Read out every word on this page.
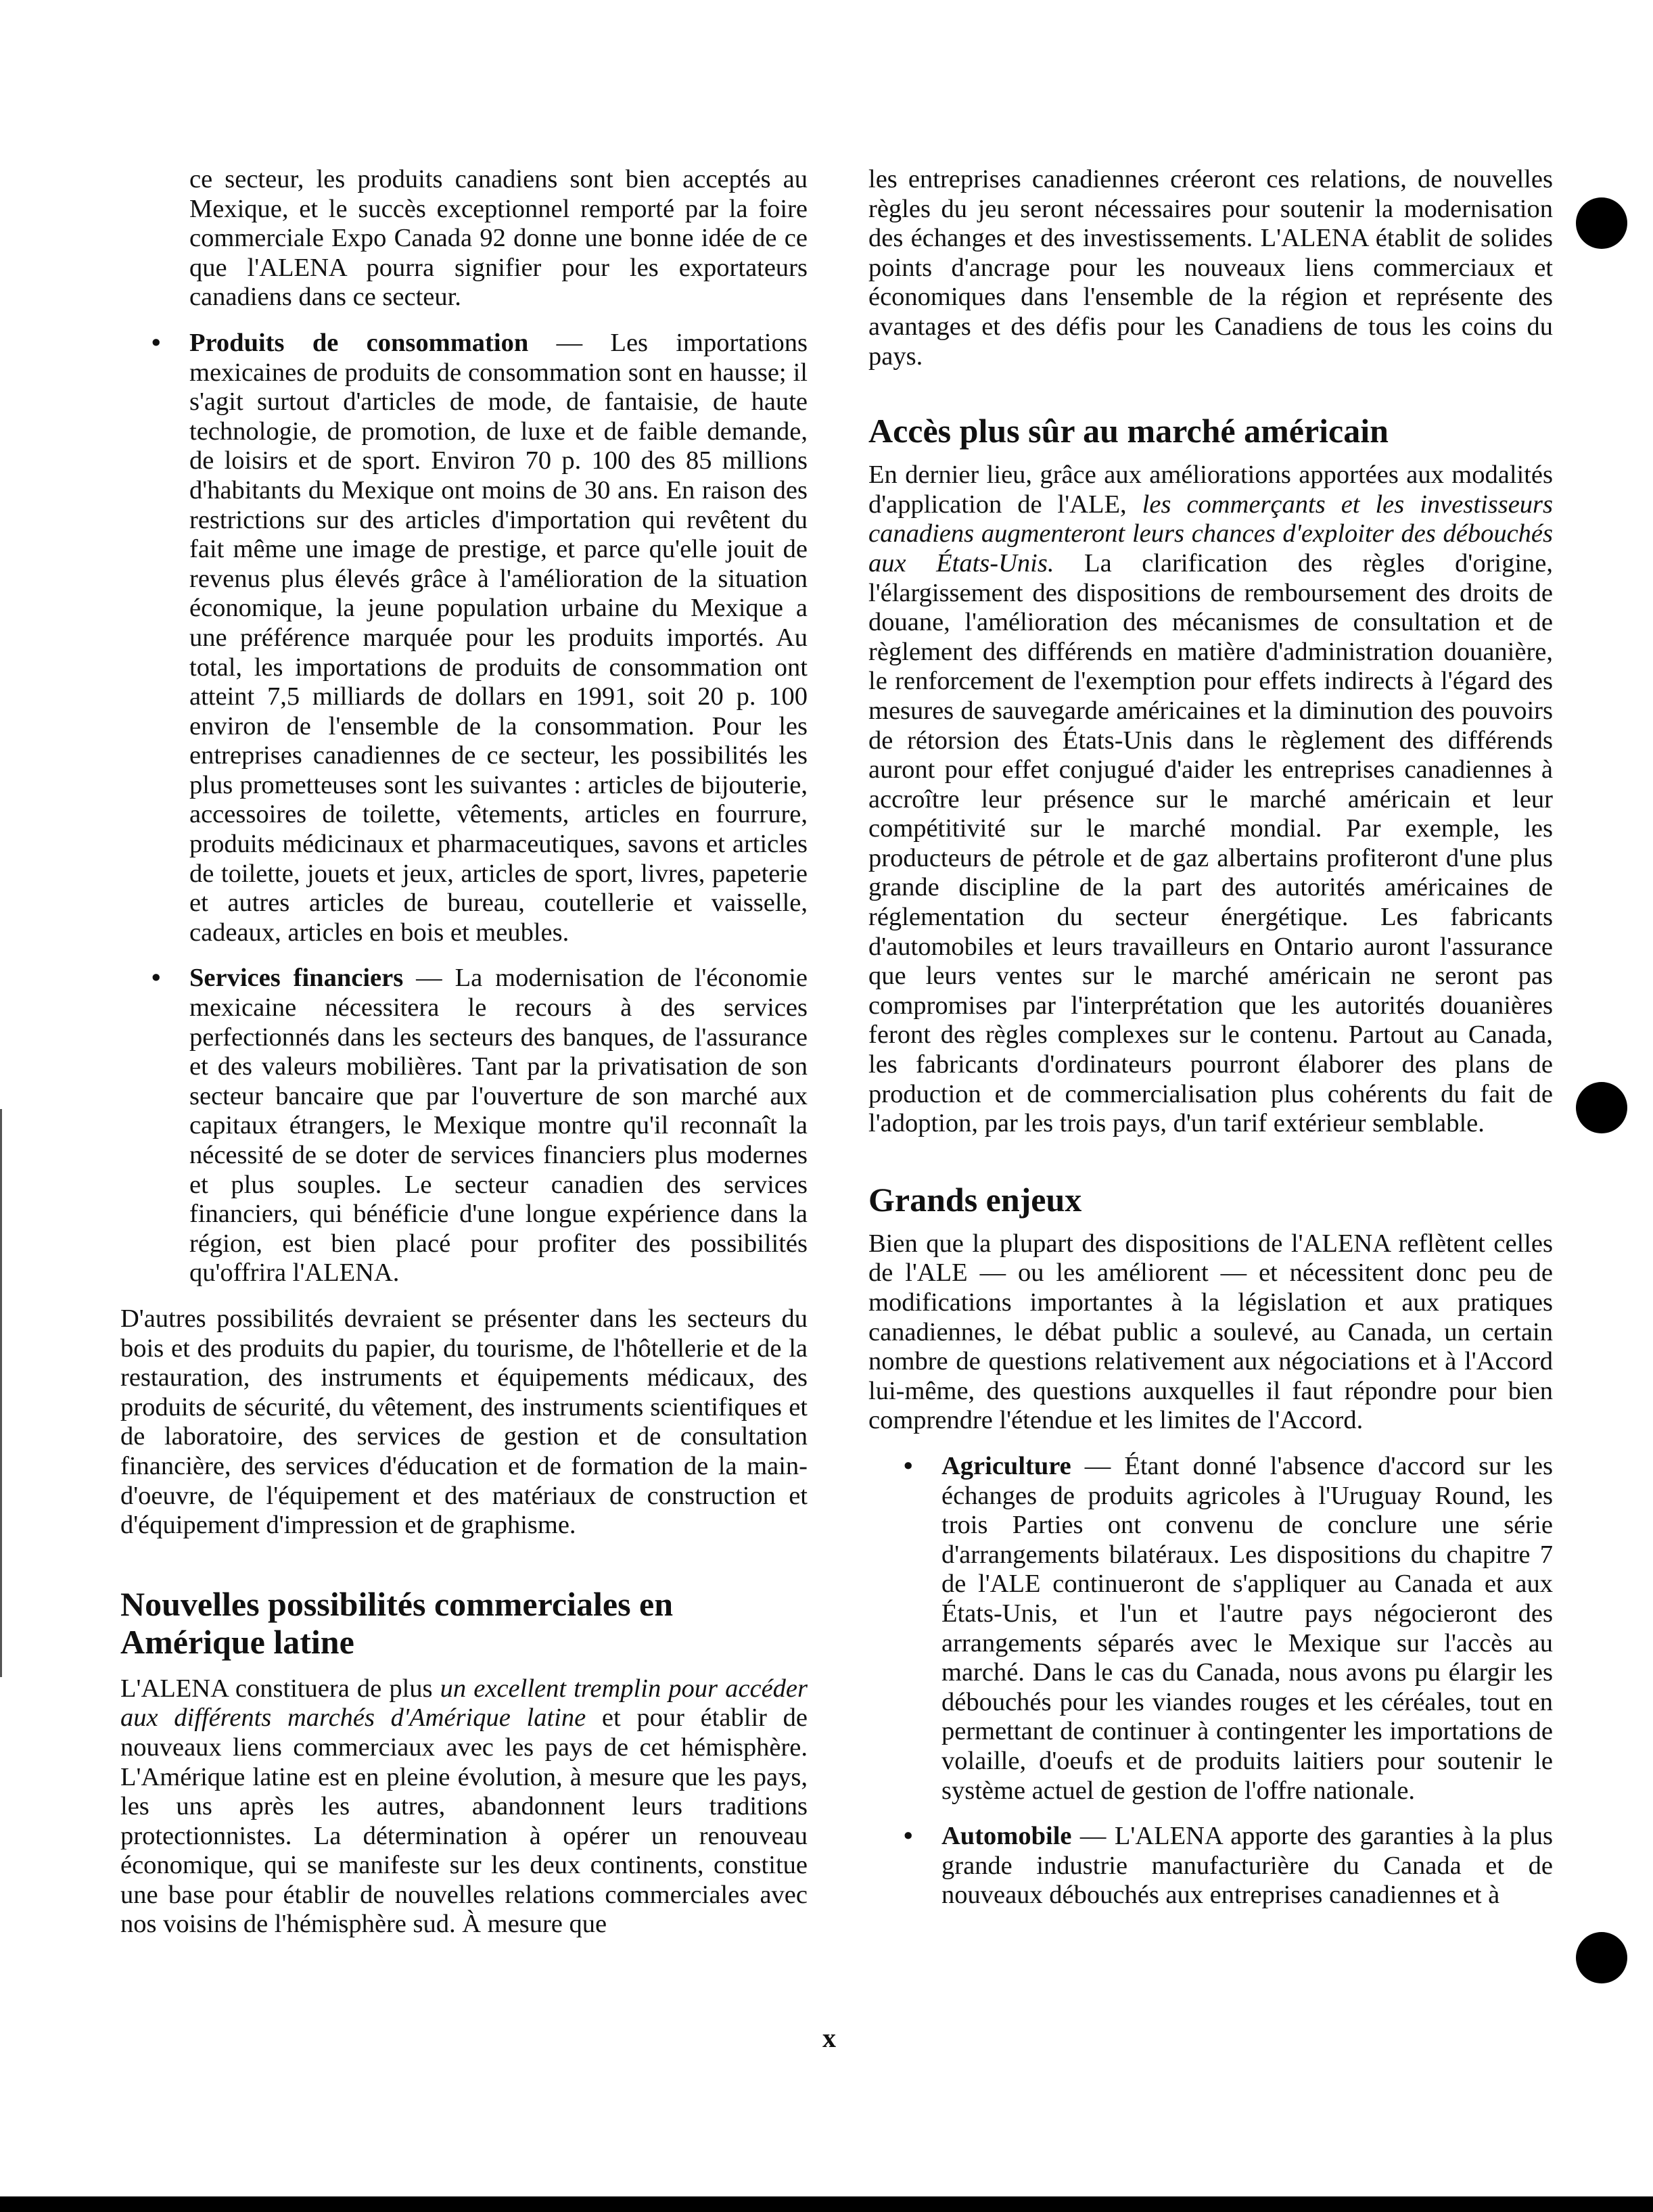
ce secteur, les produits canadiens sont bien acceptés au Mexique, et le succès exceptionnel remporté par la foire commerciale Expo Canada 92 donne une bonne idée de ce que l'ALENA pourra signifier pour les exportateurs canadiens dans ce secteur.

• Produits de consommation — Les importations mexicaines de produits de consommation sont en hausse; il s'agit surtout d'articles de mode, de fantaisie, de haute technologie, de promotion, de luxe et de faible demande, de loisirs et de sport. Environ 70 p. 100 des 85 millions d'habitants du Mexique ont moins de 30 ans. En raison des restrictions sur des articles d'importation qui revêtent du fait même une image de prestige, et parce qu'elle jouit de revenus plus élevés grâce à l'amélioration de la situation économique, la jeune population urbaine du Mexique a une préférence marquée pour les produits importés. Au total, les importations de produits de consommation ont atteint 7,5 milliards de dollars en 1991, soit 20 p. 100 environ de l'ensemble de la consommation. Pour les entreprises canadiennes de ce secteur, les possibilités les plus prometteuses sont les suivantes : articles de bijouterie, accessoires de toilette, vêtements, articles en fourrure, produits médicinaux et pharmaceutiques, savons et articles de toilette, jouets et jeux, articles de sport, livres, papeterie et autres articles de bureau, coutellerie et vaisselle, cadeaux, articles en bois et meubles.
• Services financiers — La modernisation de l'économie mexicaine nécessitera le recours à des services perfectionnés dans les secteurs des banques, de l'assurance et des valeurs mobilières. Tant par la privatisation de son secteur bancaire que par l'ouverture de son marché aux capitaux étrangers, le Mexique montre qu'il reconnaît la nécessité de se doter de services financiers plus modernes et plus souples. Le secteur canadien des services financiers, qui bénéficie d'une longue expérience dans la région, est bien placé pour profiter des possibilités qu'offrira l'ALENA.

D'autres possibilités devraient se présenter dans les secteurs du bois et des produits du papier, du tourisme, de l'hôtellerie et de la restauration, des instruments et équipements médicaux, des produits de sécurité, du vêtement, des instruments scientifiques et de laboratoire, des services de gestion et de consultation financière, des services d'éducation et de formation de la main-d'oeuvre, de l'équipement et des matériaux de construction et d'équipement d'impression et de graphisme.

Nouvelles possibilités commerciales en Amérique latine

L'ALENA constituera de plus un excellent tremplin pour accéder aux différents marchés d'Amérique latine et pour établir de nouveaux liens commerciaux avec les pays de cet hémisphère. L'Amérique latine est en pleine évolution, à mesure que les pays, les uns après les autres, abandonnent leurs traditions protectionnistes. La détermination à opérer un renouveau économique, qui se manifeste sur les deux continents, constitue une base pour établir de nouvelles relations commerciales avec nos voisins de l'hémisphère sud. À mesure que

les entreprises canadiennes créeront ces relations, de nouvelles règles du jeu seront nécessaires pour soutenir la modernisation des échanges et des investissements. L'ALENA établit de solides points d'ancrage pour les nouveaux liens commerciaux et économiques dans l'ensemble de la région et représente des avantages et des défis pour les Canadiens de tous les coins du pays.

Accès plus sûr au marché américain

En dernier lieu, grâce aux améliorations apportées aux modalités d'application de l'ALE, les commerçants et les investisseurs canadiens augmenteront leurs chances d'exploiter des débouchés aux États-Unis. La clarification des règles d'origine, l'élargissement des dispositions de remboursement des droits de douane, l'amélioration des mécanismes de consultation et de règlement des différends en matière d'administration douanière, le renforcement de l'exemption pour effets indirects à l'égard des mesures de sauvegarde américaines et la diminution des pouvoirs de rétorsion des États-Unis dans le règlement des différends auront pour effet conjugué d'aider les entreprises canadiennes à accroître leur présence sur le marché américain et leur compétitivité sur le marché mondial. Par exemple, les producteurs de pétrole et de gaz albertains profiteront d'une plus grande discipline de la part des autorités américaines de réglementation du secteur énergétique. Les fabricants d'automobiles et leurs travailleurs en Ontario auront l'assurance que leurs ventes sur le marché américain ne seront pas compromises par l'interprétation que les autorités douanières feront des règles complexes sur le contenu. Partout au Canada, les fabricants d'ordinateurs pourront élaborer des plans de production et de commercialisation plus cohérents du fait de l'adoption, par les trois pays, d'un tarif extérieur semblable.

Grands enjeux

Bien que la plupart des dispositions de l'ALENA reflètent celles de l'ALE — ou les améliorent — et nécessitent donc peu de modifications importantes à la législation et aux pratiques canadiennes, le débat public a soulevé, au Canada, un certain nombre de questions relativement aux négociations et à l'Accord lui-même, des questions auxquelles il faut répondre pour bien comprendre l'étendue et les limites de l'Accord.

• Agriculture — Étant donné l'absence d'accord sur les échanges de produits agricoles à l'Uruguay Round, les trois Parties ont convenu de conclure une série d'arrangements bilatéraux. Les dispositions du chapitre 7 de l'ALE continueront de s'appliquer au Canada et aux États-Unis, et l'un et l'autre pays négocieront des arrangements séparés avec le Mexique sur l'accès au marché. Dans le cas du Canada, nous avons pu élargir les débouchés pour les viandes rouges et les céréales, tout en permettant de continuer à contingenter les importations de volaille, d'oeufs et de produits laitiers pour soutenir le système actuel de gestion de l'offre nationale.
• Automobile — L'ALENA apporte des garanties à la plus grande industrie manufacturière du Canada et de nouveaux débouchés aux entreprises canadiennes et à
x
